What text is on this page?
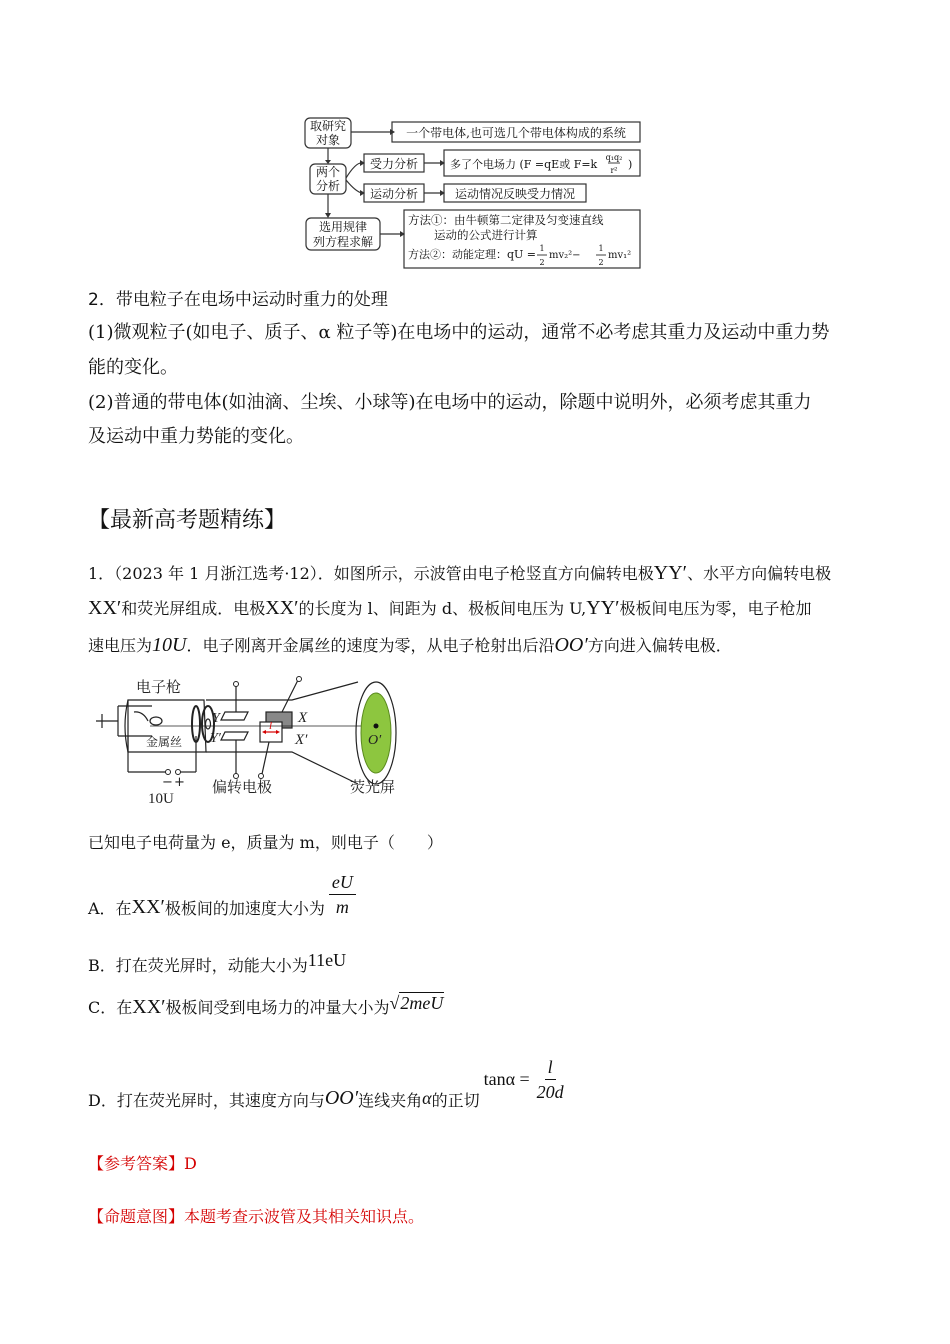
取研究
对象
两个
分析
选用规律
列方程求解
一个带电体,也可选几个带电体构成的系统
受力分析
运动分析	运动情况反映受力情况
多了个电场力 (F =qE或 F=k
q₁q₂
r² )
方法①：由牛顿第二定律及匀变速直线
运动的公式进行计算
方法②：动能定理：qU = 1
2
mv₂²−
1
2
mv₁²
2．带电粒子在电场中运动时重力的处理
(1)微观粒子(如电子、质子、α 粒子等)在电场中的运动，通常不必考虑其重力及运动中重力势
能的变化。
(2)普通的带电体(如油滴、尘埃、小球等)在电场中的运动，除题中说明外，必须考虑其重力
及运动中重力势能的变化。
【最新高考题精练】
1．（2023 年 1 月浙江选考·12）．如图所示，示波管由电子枪竖直方向偏转电极YY′、水平方向偏转电极
XX′和荧光屏组成．电极XX′的长度为 l、间距为 d、极板间电压为 U,YY′极板间电压为零，电子枪加
速电压为10U．电子刚离开金属丝的速度为零，从电子枪射出后沿OO′方向进入偏转电极．
电子枪
金属丝
− +
10U
Y
Y′
X
X′
l
偏转电极	荧光屏
O′
已知电子电荷量为 e，质量为 m，则电子（　　）
A．在 XX′ 极板间的加速度大小为 $\frac{eU}{m}$
B．打在荧光屏时，动能大小为11eU
C．在XX′极板间受到电场力的冲量大小为√2meU
D．打在荧光屏时，其速度方向与 OO′ 连线夹角 α 的正切
$\tan\alpha = \frac{l}{20d}$
【参考答案】D
【命题意图】本题考查示波管及其相关知识点。
